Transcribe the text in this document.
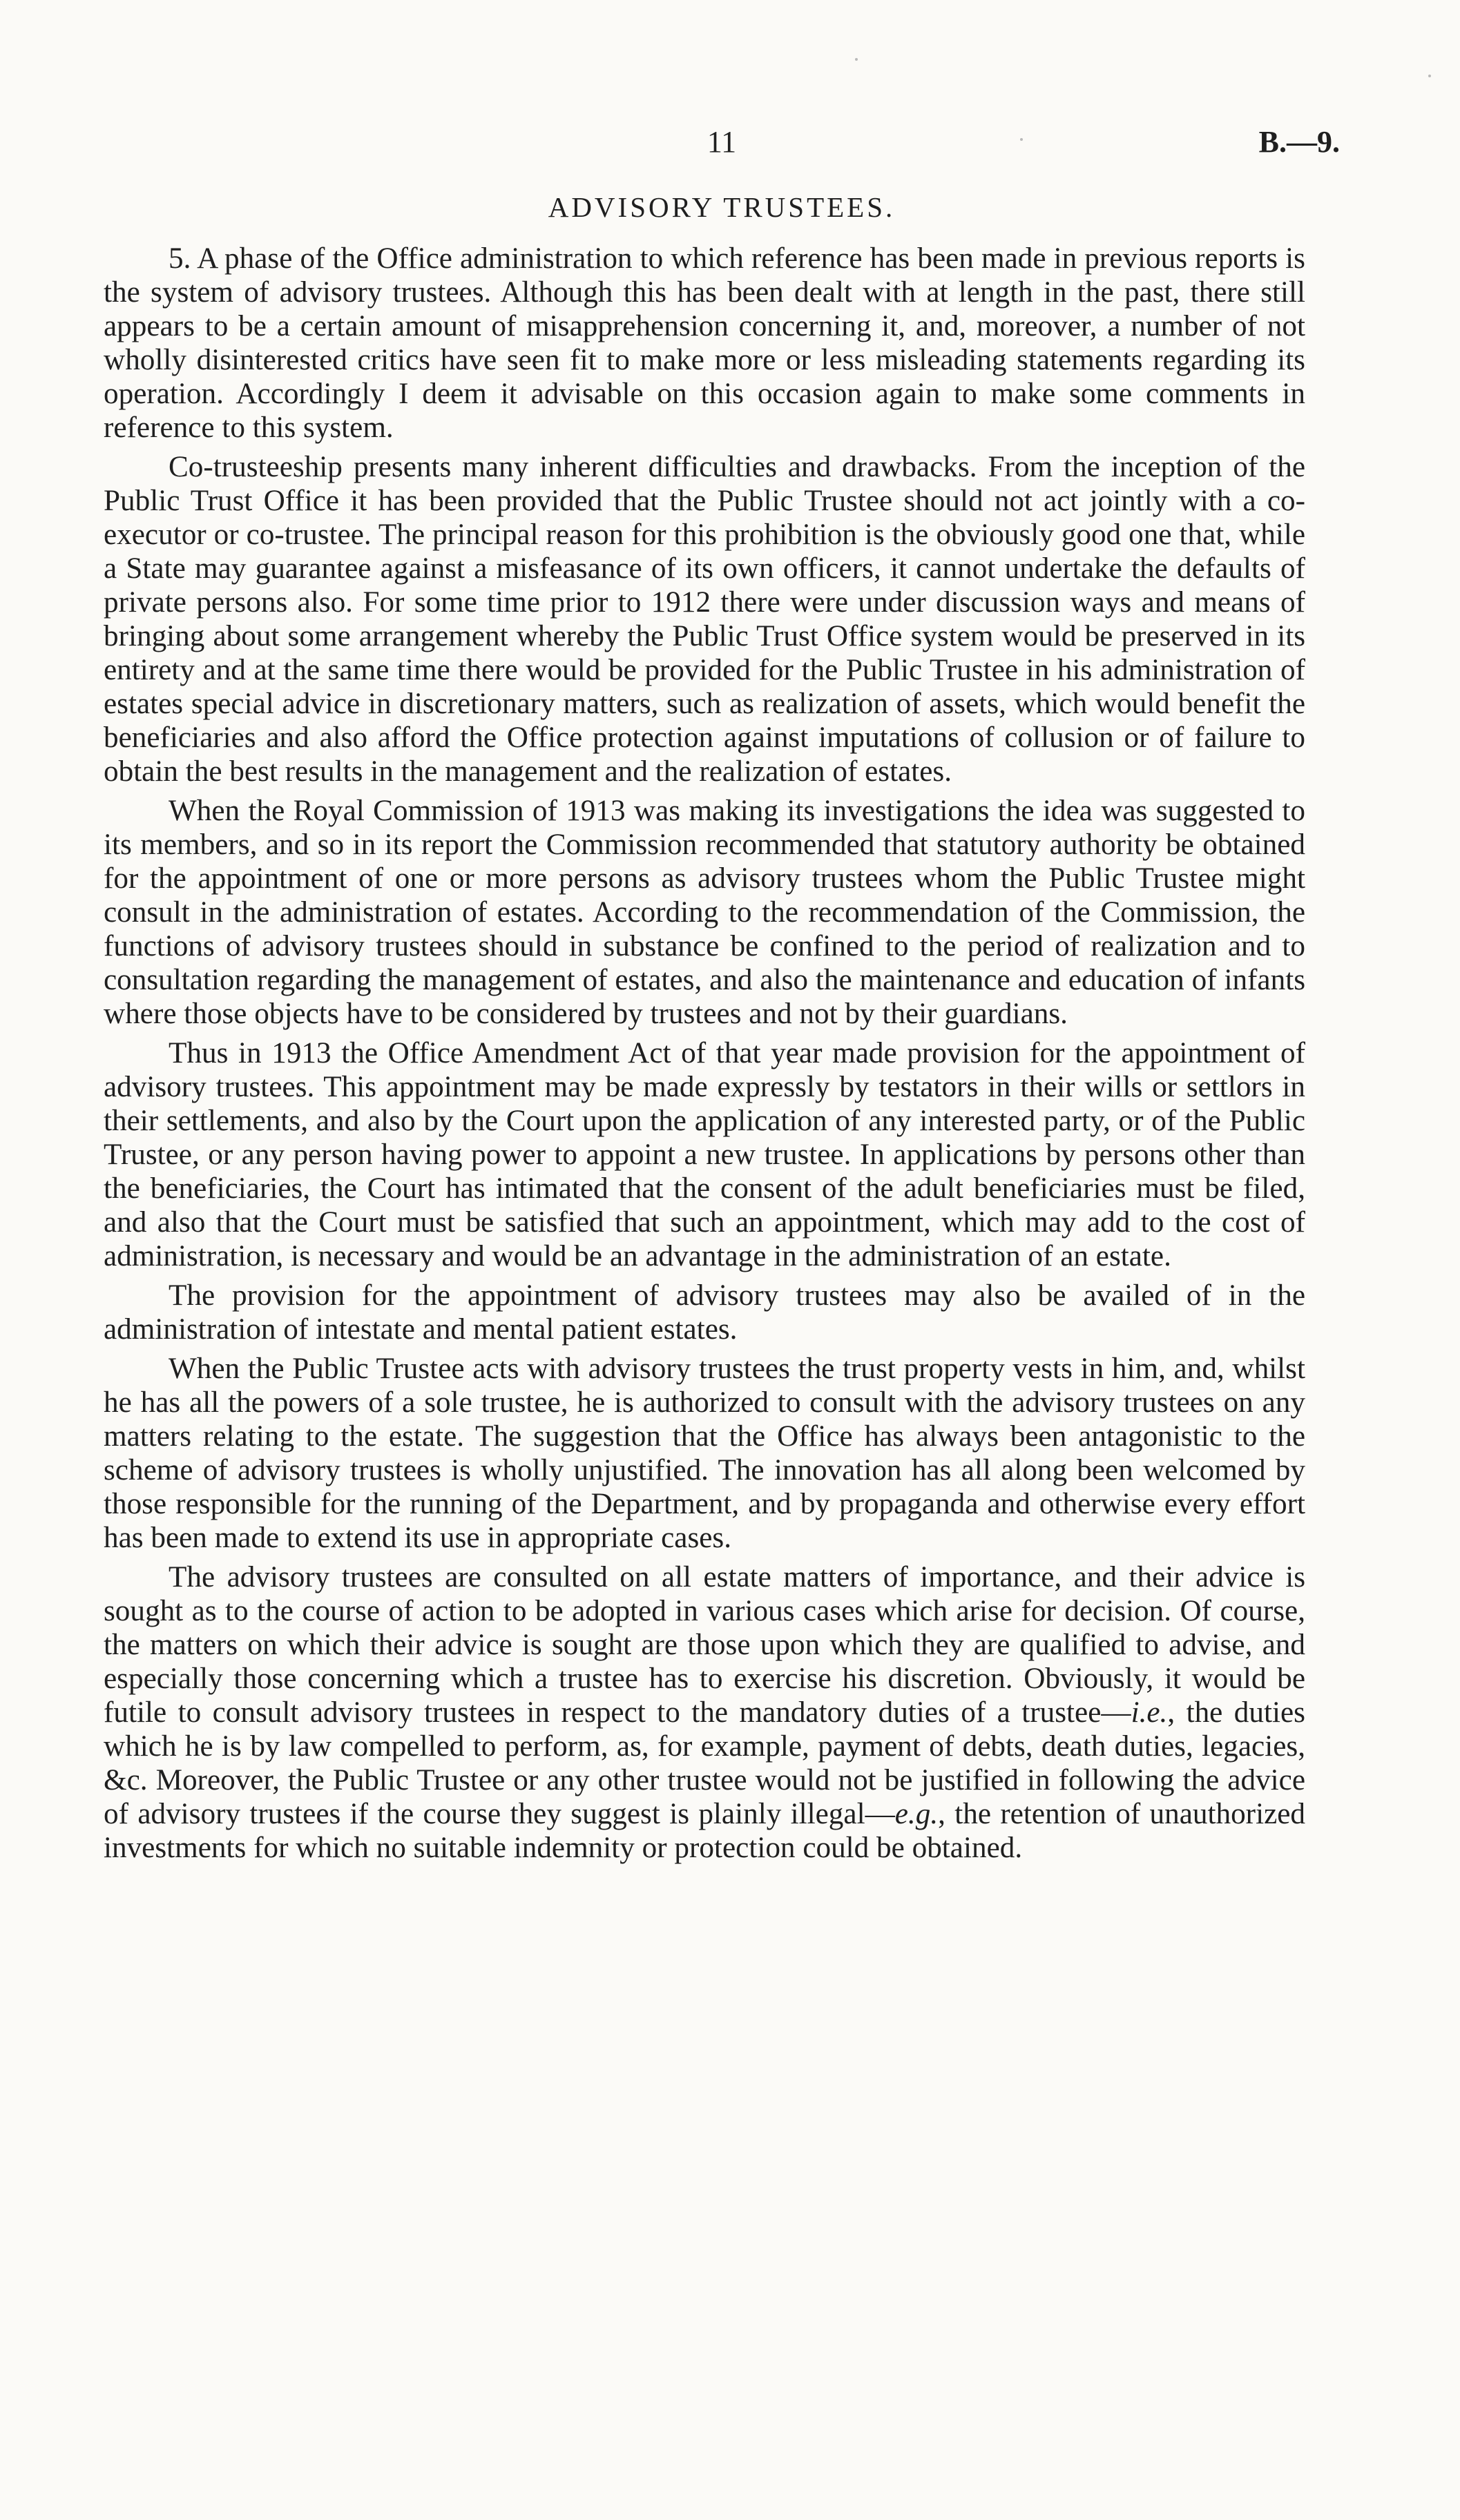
11	B.—9.
ADVISORY TRUSTEES.

5. A phase of the Office administration to which reference has been made in previous reports is the system of advisory trustees. Although this has been dealt with at length in the past, there still appears to be a certain amount of misapprehension concerning it, and, moreover, a number of not wholly disinterested critics have seen fit to make more or less misleading statements regarding its operation. Accordingly I deem it advisable on this occasion again to make some comments in reference to this system.

Co-trusteeship presents many inherent difficulties and drawbacks. From the inception of the Public Trust Office it has been provided that the Public Trustee should not act jointly with a co-executor or co-trustee. The principal reason for this prohibition is the obviously good one that, while a State may guarantee against a misfeasance of its own officers, it cannot undertake the defaults of private persons also. For some time prior to 1912 there were under discussion ways and means of bringing about some arrangement whereby the Public Trust Office system would be preserved in its entirety and at the same time there would be provided for the Public Trustee in his administration of estates special advice in discretionary matters, such as realization of assets, which would benefit the beneficiaries and also afford the Office protection against imputations of collusion or of failure to obtain the best results in the management and the realization of estates.

When the Royal Commission of 1913 was making its investigations the idea was suggested to its members, and so in its report the Commission recommended that statutory authority be obtained for the appointment of one or more persons as advisory trustees whom the Public Trustee might consult in the administration of estates. According to the recommendation of the Commission, the functions of advisory trustees should in substance be confined to the period of realization and to consultation regarding the management of estates, and also the maintenance and education of infants where those objects have to be considered by trustees and not by their guardians.

Thus in 1913 the Office Amendment Act of that year made provision for the appointment of advisory trustees. This appointment may be made expressly by testators in their wills or settlors in their settlements, and also by the Court upon the application of any interested party, or of the Public Trustee, or any person having power to appoint a new trustee. In applications by persons other than the beneficiaries, the Court has intimated that the consent of the adult beneficiaries must be filed, and also that the Court must be satisfied that such an appointment, which may add to the cost of administration, is necessary and would be an advantage in the administration of an estate.

The provision for the appointment of advisory trustees may also be availed of in the administration of intestate and mental patient estates.

When the Public Trustee acts with advisory trustees the trust property vests in him, and, whilst he has all the powers of a sole trustee, he is authorized to consult with the advisory trustees on any matters relating to the estate. The suggestion that the Office has always been antagonistic to the scheme of advisory trustees is wholly unjustified. The innovation has all along been welcomed by those responsible for the running of the Department, and by propaganda and otherwise every effort has been made to extend its use in appropriate cases.

The advisory trustees are consulted on all estate matters of importance, and their advice is sought as to the course of action to be adopted in various cases which arise for decision. Of course, the matters on which their advice is sought are those upon which they are qualified to advise, and especially those concerning which a trustee has to exercise his discretion. Obviously, it would be futile to consult advisory trustees in respect to the mandatory duties of a trustee—i.e., the duties which he is by law compelled to perform, as, for example, payment of debts, death duties, legacies, &c. Moreover, the Public Trustee or any other trustee would not be justified in following the advice of advisory trustees if the course they suggest is plainly illegal—e.g., the retention of unauthorized investments for which no suitable indemnity or protection could be obtained.
